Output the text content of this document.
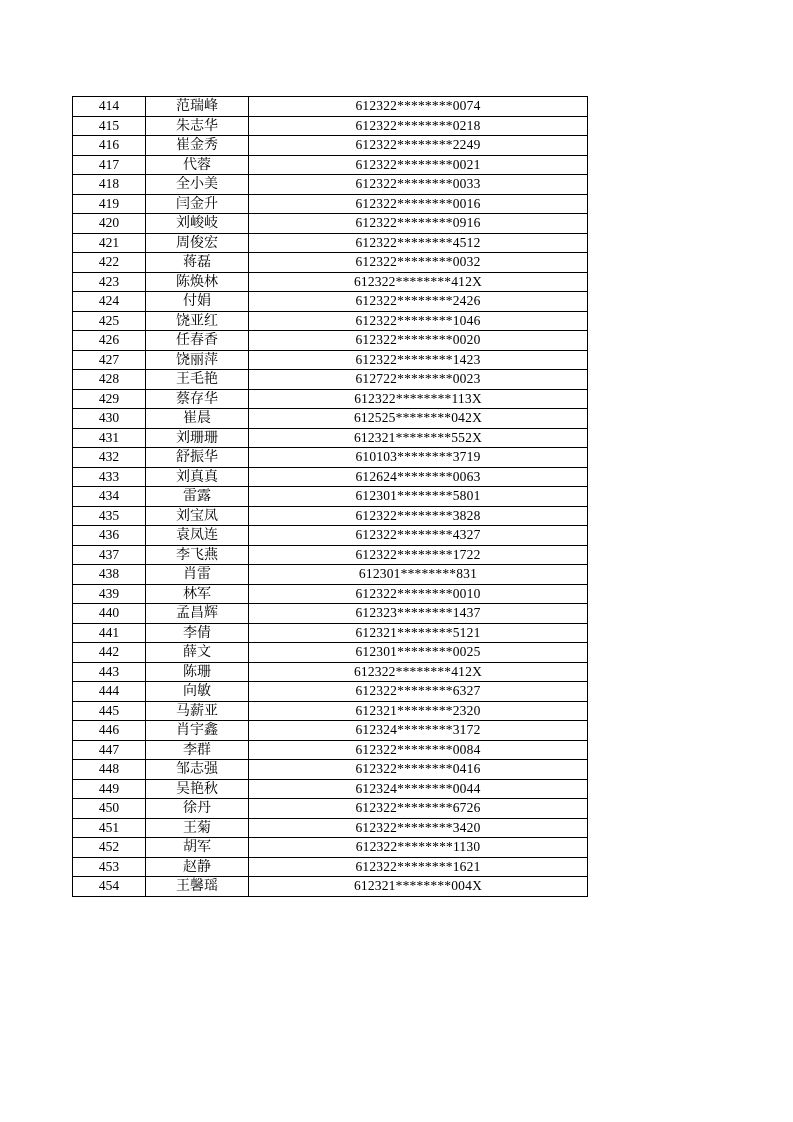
414	范瑞峰	612322********0074
415	朱志华	612322********0218
416	崔金秀	612322********2249
417	代蓉	612322********0021
418	全小美	612322********0033
419	闫金升	612322********0016
420	刘峻岐	612322********0916
421	周俊宏	612322********4512
422	蒋磊	612322********0032
423	陈焕林	612322********412X
424	付娟	612322********2426
425	饶亚红	612322********1046
426	任春香	612322********0020
427	饶丽萍	612322********1423
428	王毛艳	612722********0023
429	蔡存华	612322********113X
430	崔晨	612525********042X
431	刘珊珊	612321********552X
432	舒振华	610103********3719
433	刘真真	612624********0063
434	雷露	612301********5801
435	刘宝凤	612322********3828
436	袁凤连	612322********4327
437	李飞燕	612322********1722
438	肖雷	612301********831
439	林军	612322********0010
440	孟昌辉	612323********1437
441	李倩	612321********5121
442	薛文	612301********0025
443	陈珊	612322********412X
444	向敏	612322********6327
445	马薪亚	612321********2320
446	肖宇鑫	612324********3172
447	李群	612322********0084
448	邹志强	612322********0416
449	吴艳秋	612324********0044
450	徐丹	612322********6726
451	王菊	612322********3420
452	胡军	612322********1130
453	赵静	612322********1621
454	王馨瑶	612321********004X
